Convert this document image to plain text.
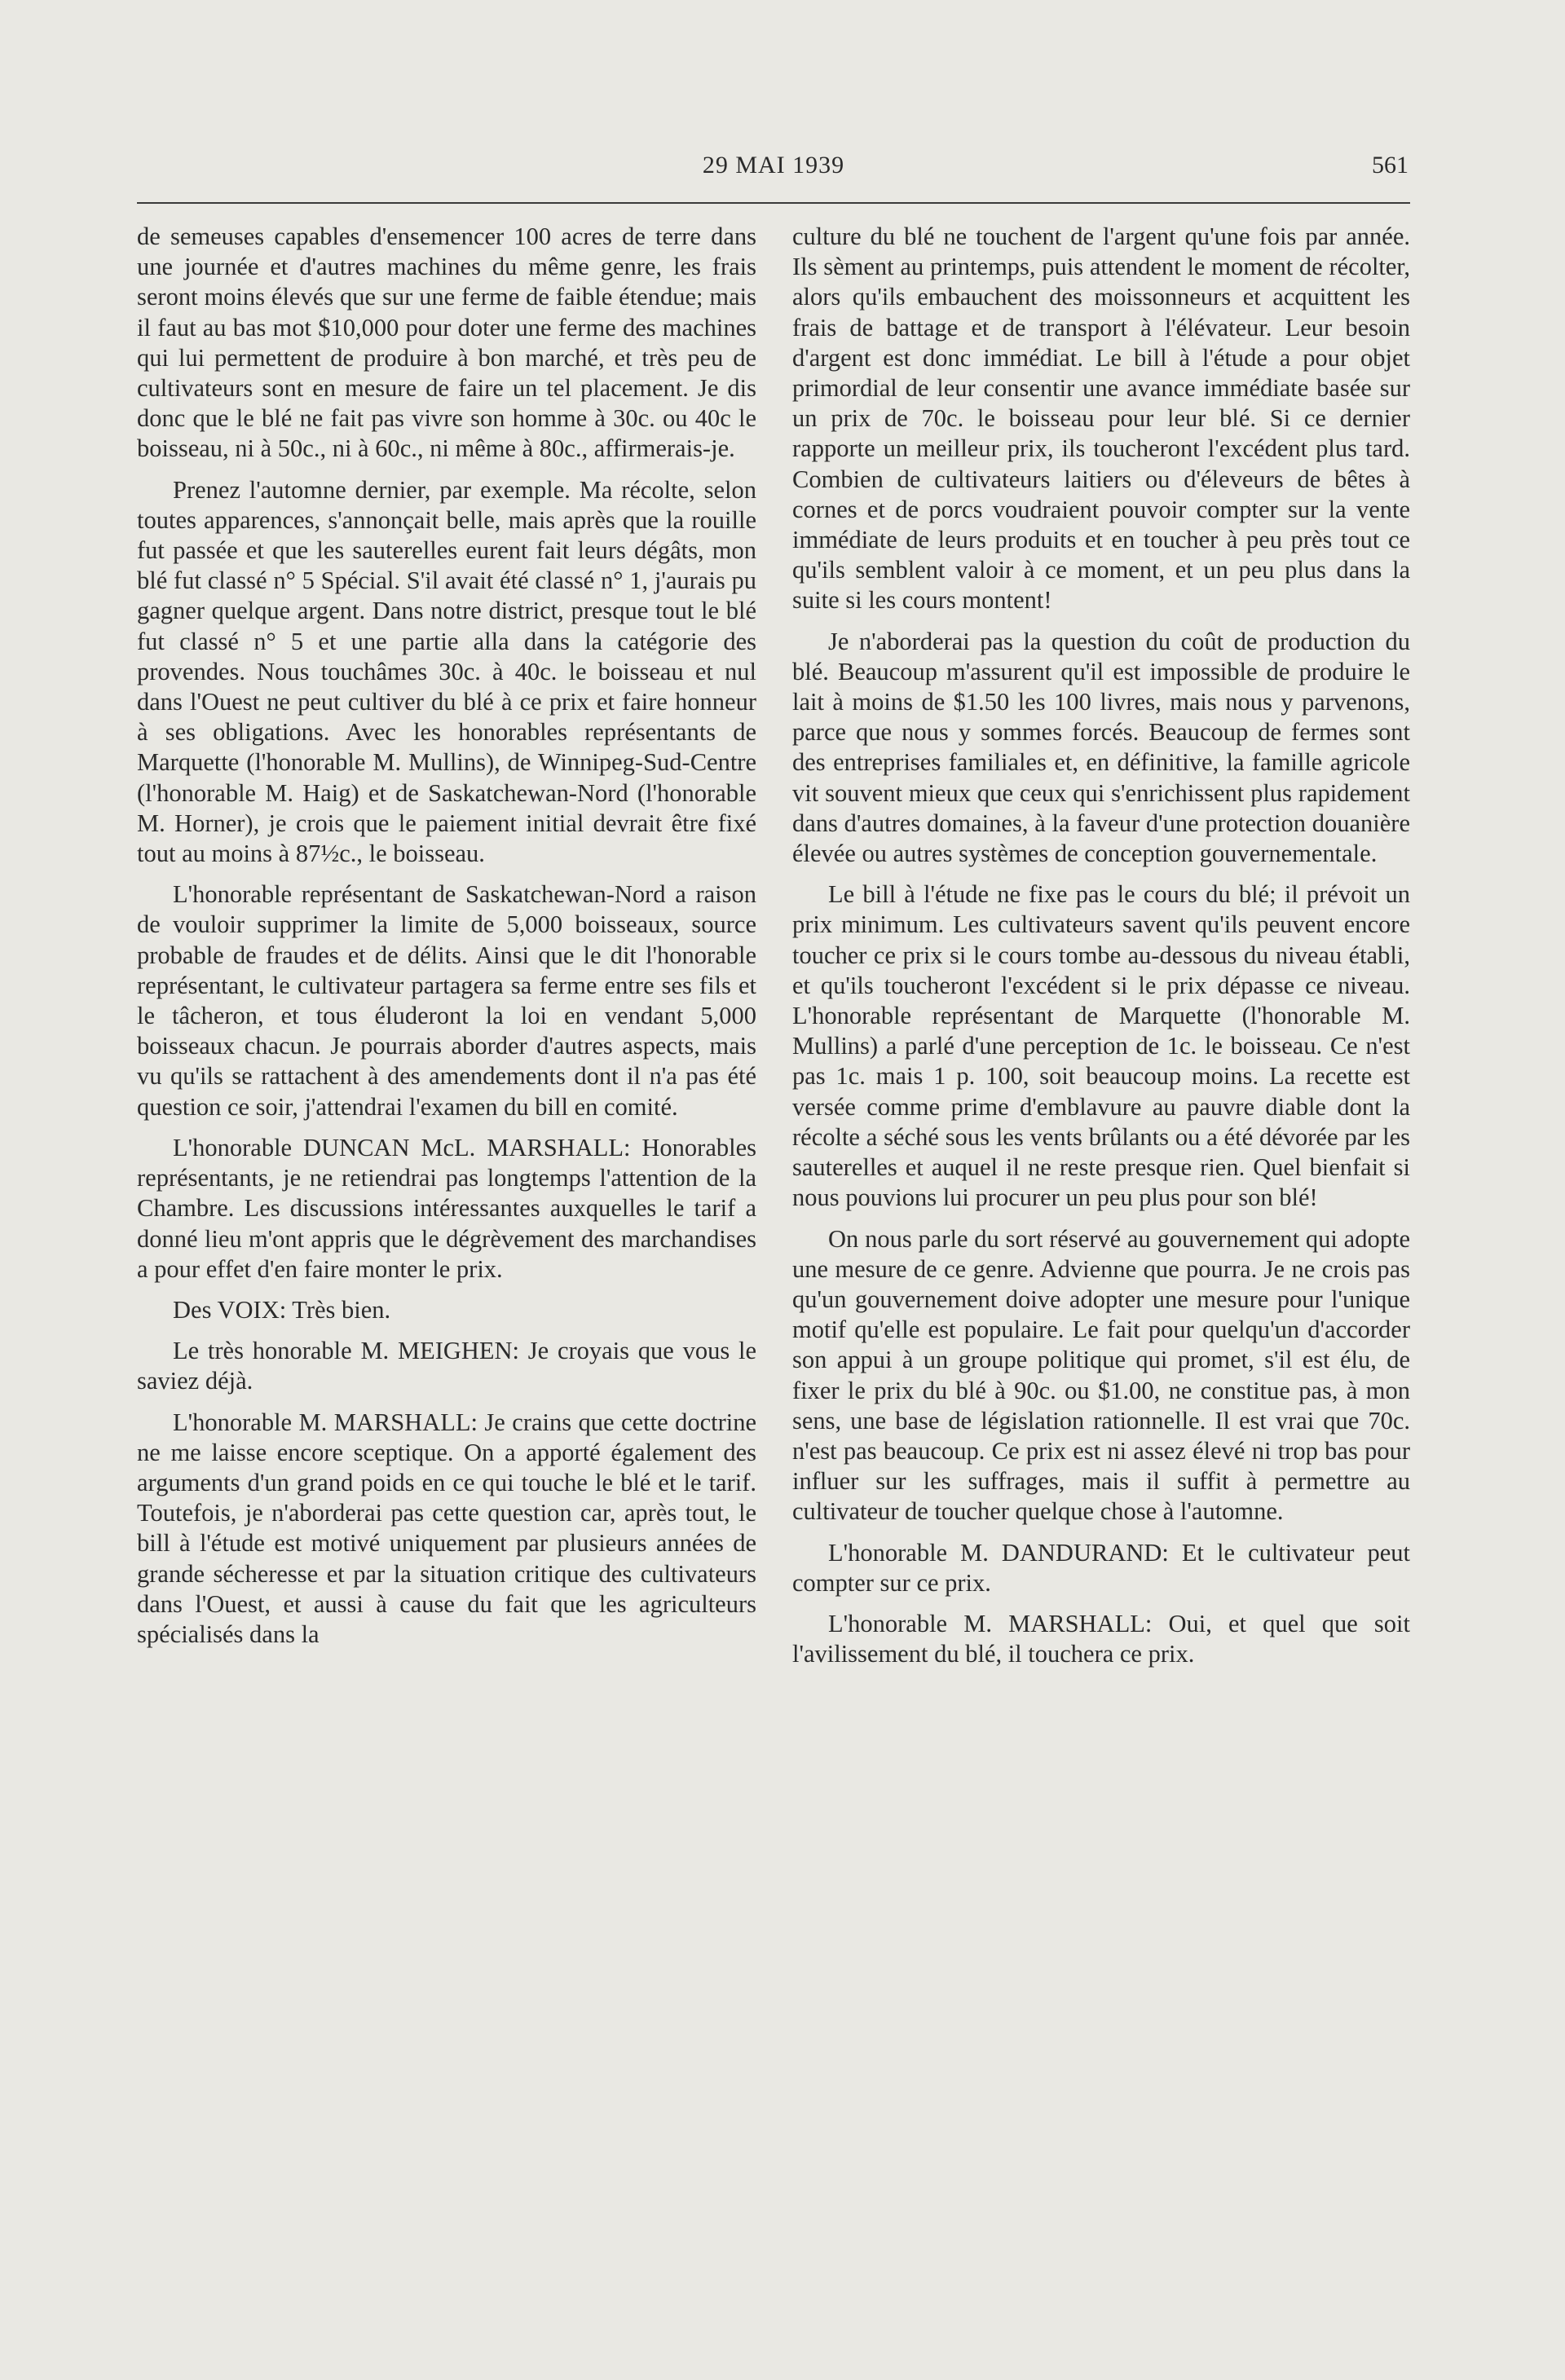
29 MAI 1939	561

de semeuses capables d'ensemencer 100 acres de terre dans une journée et d'autres machines du même genre, les frais seront moins élevés que sur une ferme de faible étendue; mais il faut au bas mot $10,000 pour doter une ferme des machines qui lui permettent de produire à bon marché, et très peu de cultivateurs sont en mesure de faire un tel placement. Je dis donc que le blé ne fait pas vivre son homme à 30c. ou 40c le boisseau, ni à 50c., ni à 60c., ni même à 80c., affirmerais-je.

Prenez l'automne dernier, par exemple. Ma récolte, selon toutes apparences, s'annonçait belle, mais après que la rouille fut passée et que les sauterelles eurent fait leurs dégâts, mon blé fut classé n° 5 Spécial. S'il avait été classé n° 1, j'aurais pu gagner quelque argent. Dans notre district, presque tout le blé fut classé n° 5 et une partie alla dans la catégorie des provendes. Nous touchâmes 30c. à 40c. le boisseau et nul dans l'Ouest ne peut cultiver du blé à ce prix et faire honneur à ses obligations. Avec les honorables représentants de Marquette (l'honorable M. Mullins), de Winnipeg-Sud-Centre (l'honorable M. Haig) et de Saskatchewan-Nord (l'honorable M. Horner), je crois que le paiement initial devrait être fixé tout au moins à 87½c., le boisseau.

L'honorable représentant de Saskatchewan-Nord a raison de vouloir supprimer la limite de 5,000 boisseaux, source probable de fraudes et de délits. Ainsi que le dit l'honorable représentant, le cultivateur partagera sa ferme entre ses fils et le tâcheron, et tous éluderont la loi en vendant 5,000 boisseaux chacun. Je pourrais aborder d'autres aspects, mais vu qu'ils se rattachent à des amendements dont il n'a pas été question ce soir, j'attendrai l'examen du bill en comité.

L'honorable DUNCAN McL. MARSHALL: Honorables représentants, je ne retiendrai pas longtemps l'attention de la Chambre. Les discussions intéressantes auxquelles le tarif a donné lieu m'ont appris que le dégrèvement des marchandises a pour effet d'en faire monter le prix.

Des VOIX: Très bien.

Le très honorable M. MEIGHEN: Je croyais que vous le saviez déjà.

L'honorable M. MARSHALL: Je crains que cette doctrine ne me laisse encore sceptique. On a apporté également des arguments d'un grand poids en ce qui touche le blé et le tarif. Toutefois, je n'aborderai pas cette question car, après tout, le bill à l'étude est motivé uniquement par plusieurs années de grande sécheresse et par la situation critique des cultivateurs dans l'Ouest, et aussi à cause du fait que les agriculteurs spécialisés dans la

culture du blé ne touchent de l'argent qu'une fois par année. Ils sèment au printemps, puis attendent le moment de récolter, alors qu'ils embauchent des moissonneurs et acquittent les frais de battage et de transport à l'élévateur. Leur besoin d'argent est donc immédiat. Le bill à l'étude a pour objet primordial de leur consentir une avance immédiate basée sur un prix de 70c. le boisseau pour leur blé. Si ce dernier rapporte un meilleur prix, ils toucheront l'excédent plus tard. Combien de cultivateurs laitiers ou d'éleveurs de bêtes à cornes et de porcs voudraient pouvoir compter sur la vente immédiate de leurs produits et en toucher à peu près tout ce qu'ils semblent valoir à ce moment, et un peu plus dans la suite si les cours montent!

Je n'aborderai pas la question du coût de production du blé. Beaucoup m'assurent qu'il est impossible de produire le lait à moins de $1.50 les 100 livres, mais nous y parvenons, parce que nous y sommes forcés. Beaucoup de fermes sont des entreprises familiales et, en définitive, la famille agricole vit souvent mieux que ceux qui s'enrichissent plus rapidement dans d'autres domaines, à la faveur d'une protection douanière élevée ou autres systèmes de conception gouvernementale.

Le bill à l'étude ne fixe pas le cours du blé; il prévoit un prix minimum. Les cultivateurs savent qu'ils peuvent encore toucher ce prix si le cours tombe au-dessous du niveau établi, et qu'ils toucheront l'excédent si le prix dépasse ce niveau. L'honorable représentant de Marquette (l'honorable M. Mullins) a parlé d'une perception de 1c. le boisseau. Ce n'est pas 1c. mais 1 p. 100, soit beaucoup moins. La recette est versée comme prime d'emblavure au pauvre diable dont la récolte a séché sous les vents brûlants ou a été dévorée par les sauterelles et auquel il ne reste presque rien. Quel bienfait si nous pouvions lui procurer un peu plus pour son blé!

On nous parle du sort réservé au gouvernement qui adopte une mesure de ce genre. Advienne que pourra. Je ne crois pas qu'un gouvernement doive adopter une mesure pour l'unique motif qu'elle est populaire. Le fait pour quelqu'un d'accorder son appui à un groupe politique qui promet, s'il est élu, de fixer le prix du blé à 90c. ou $1.00, ne constitue pas, à mon sens, une base de législation rationnelle. Il est vrai que 70c. n'est pas beaucoup. Ce prix est ni assez élevé ni trop bas pour influer sur les suffrages, mais il suffit à permettre au cultivateur de toucher quelque chose à l'automne.

L'honorable M. DANDURAND: Et le cultivateur peut compter sur ce prix.

L'honorable M. MARSHALL: Oui, et quel que soit l'avilissement du blé, il touchera ce prix.
